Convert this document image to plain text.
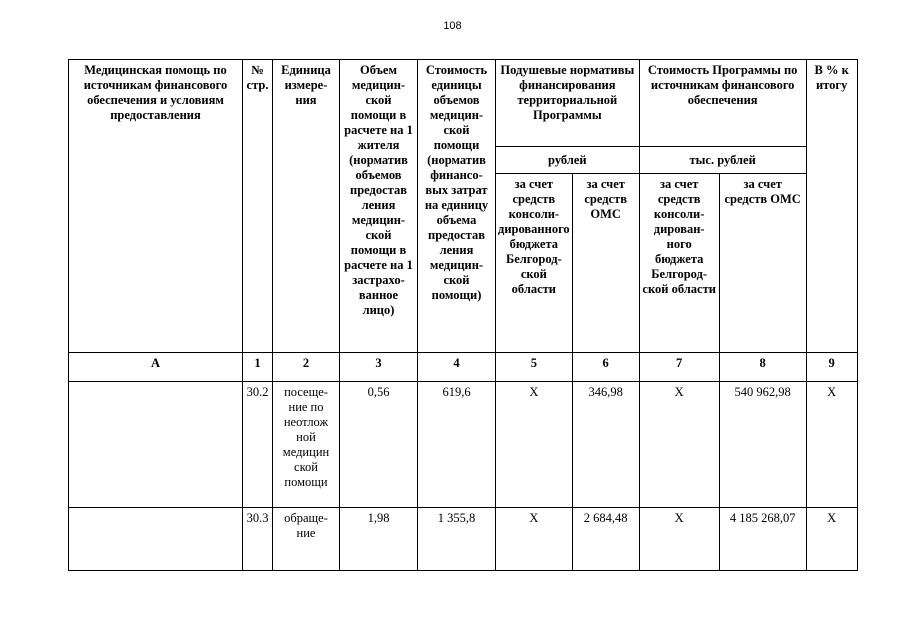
108
Медицинская помощь по источникам финансового обеспечения и условиям предоставления	№ стр.	Единица измере-ния	Объем медицин-ской помощи в расчете на 1 жителя (норматив объемов предостав ления медицин-ской помощи в расчете на 1 застрахо-ванное лицо)	Стоимость единицы объемов медицин-ской помощи (норматив финансо-вых затрат на единицу объема предостав ления медицин-ской помощи)	Подушевые нормативы финансирования территориальной Программы		Стоимость Программы по источникам финансового обеспечения		В % к итогу
					рублей		тыс. рублей		
					за счет средств консоли-дированного бюджета Белгород-ской области	за счет средств ОМС	за счет средств консоли-дирован-ного бюджета Белгород-ской области	за счет средств ОМС	
А	1	2	3	4	5	6	7	8	9
	30.2	посеще-ние по неотлож ной медицин ской помощи	0,56	619,6	Х	346,98	Х	540 962,98	Х
	30.3	обраще-ние	1,98	1 355,8	Х	2 684,48	Х	4 185 268,07	Х
